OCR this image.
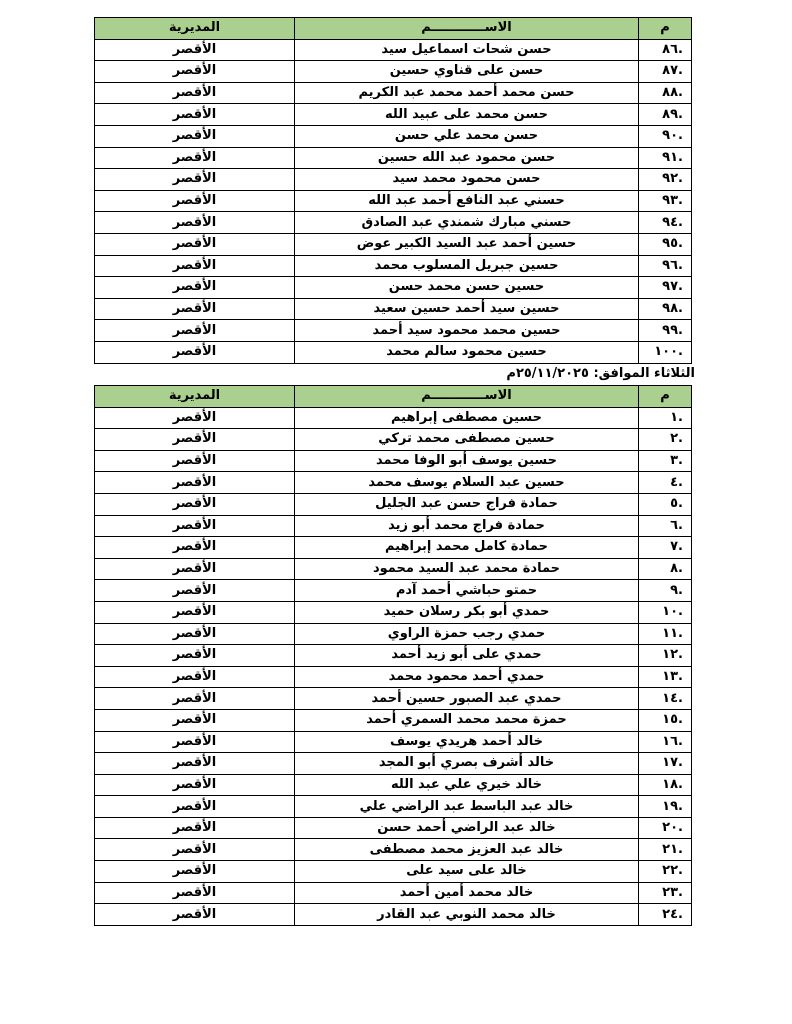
م	الاســــــــــــم	المديرية
.٨٦	حسن شحات اسماعيل سيد	الأقصر
.٨٧	حسن على قناوي حسين	الأقصر
.٨٨	حسن محمد أحمد محمد عبد الكريم	الأقصر
.٨٩	حسن محمد على عبيد الله	الأقصر
.٩٠	حسن محمد علي حسن	الأقصر
.٩١	حسن محمود عبد الله حسين	الأقصر
.٩٢	حسن محمود محمد سيد	الأقصر
.٩٣	حسني عبد النافع أحمد عبد الله	الأقصر
.٩٤	حسني مبارك شمندي عبد الصادق	الأقصر
.٩٥	حسين أحمد عبد السيد الكبير عوض	الأقصر
.٩٦	حسين جبريل المسلوب محمد	الأقصر
.٩٧	حسين حسن محمد حسن	الأقصر
.٩٨	حسين سيد أحمد حسين سعيد	الأقصر
.٩٩	حسين محمد محمود سيد أحمد	الأقصر
.١٠٠	حسين محمود سالم محمد	الأقصر
الثلاثاء الموافق: ٢٥/١١/٢٠٢٥م
م	الاســــــــــــم	المديرية
.١	حسين مصطفى إبراهيم	الأقصر
.٢	حسين مصطفى محمد تركي	الأقصر
.٣	حسين يوسف أبو الوفا محمد	الأقصر
.٤	حسين عبد السلام يوسف محمد	الأقصر
.٥	حمادة فراج حسن عبد الجليل	الأقصر
.٦	حمادة فراج محمد أبو زيد	الأقصر
.٧	حمادة كامل محمد إبراهيم	الأقصر
.٨	حمادة محمد عبد السيد محمود	الأقصر
.٩	حمتو حباشي أحمد آدم	الأقصر
.١٠	حمدي أبو بكر رسلان حميد	الأقصر
.١١	حمدي رجب حمزة الراوي	الأقصر
.١٢	حمدي على أبو زيد أحمد	الأقصر
.١٣	حمدي أحمد محمود محمد	الأقصر
.١٤	حمدي عبد الصبور حسين أحمد	الأقصر
.١٥	حمزة محمد محمد السمري أحمد	الأقصر
.١٦	خالد أحمد هريدي يوسف	الأقصر
.١٧	خالد أشرف بصري أبو المجد	الأقصر
.١٨	خالد خيري علي عبد الله	الأقصر
.١٩	خالد عبد الباسط عبد الراضي علي	الأقصر
.٢٠	خالد عبد الراضي أحمد حسن	الأقصر
.٢١	خالد عبد العزيز محمد مصطفى	الأقصر
.٢٢	خالد على سيد على	الأقصر
.٢٣	خالد محمد أمين أحمد	الأقصر
.٢٤	خالد محمد النوبي عبد القادر	الأقصر
